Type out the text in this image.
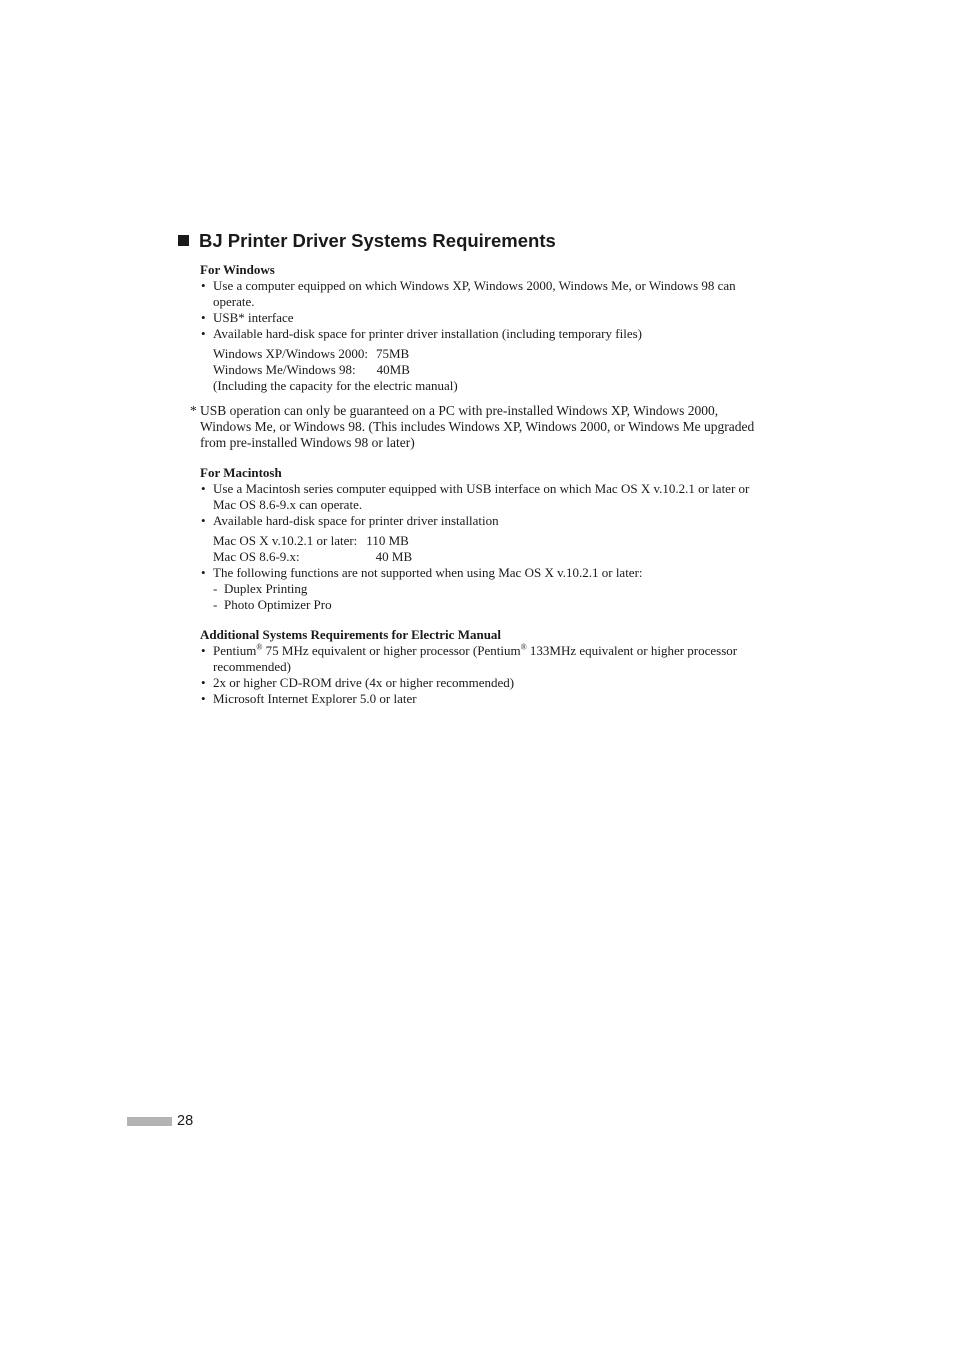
BJ Printer Driver Systems Requirements
For Windows
• Use a computer equipped on which Windows XP, Windows 2000, Windows Me, or Windows 98 can operate.
• USB* interface
• Available hard-disk space for printer driver installation (including temporary files)
Windows XP/Windows 2000: 75MB
Windows Me/Windows 98: 40MB
(Including the capacity for the electric manual)
* USB operation can only be guaranteed on a PC with pre-installed Windows XP, Windows 2000, Windows Me, or Windows 98. (This includes Windows XP, Windows 2000, or Windows Me upgraded from pre-installed Windows 98 or later)
For Macintosh
• Use a Macintosh series computer equipped with USB interface on which Mac OS X v.10.2.1 or later or Mac OS 8.6-9.x can operate.
• Available hard-disk space for printer driver installation
Mac OS X v.10.2.1 or later: 110 MB
Mac OS 8.6-9.x:	40 MB
• The following functions are not supported when using Mac OS X v.10.2.1 or later:
- Duplex Printing
- Photo Optimizer Pro
Additional Systems Requirements for Electric Manual
• Pentium® 75 MHz equivalent or higher processor (Pentium® 133MHz equivalent or higher processor recommended)
• 2x or higher CD-ROM drive (4x or higher recommended)
• Microsoft Internet Explorer 5.0 or later
28
